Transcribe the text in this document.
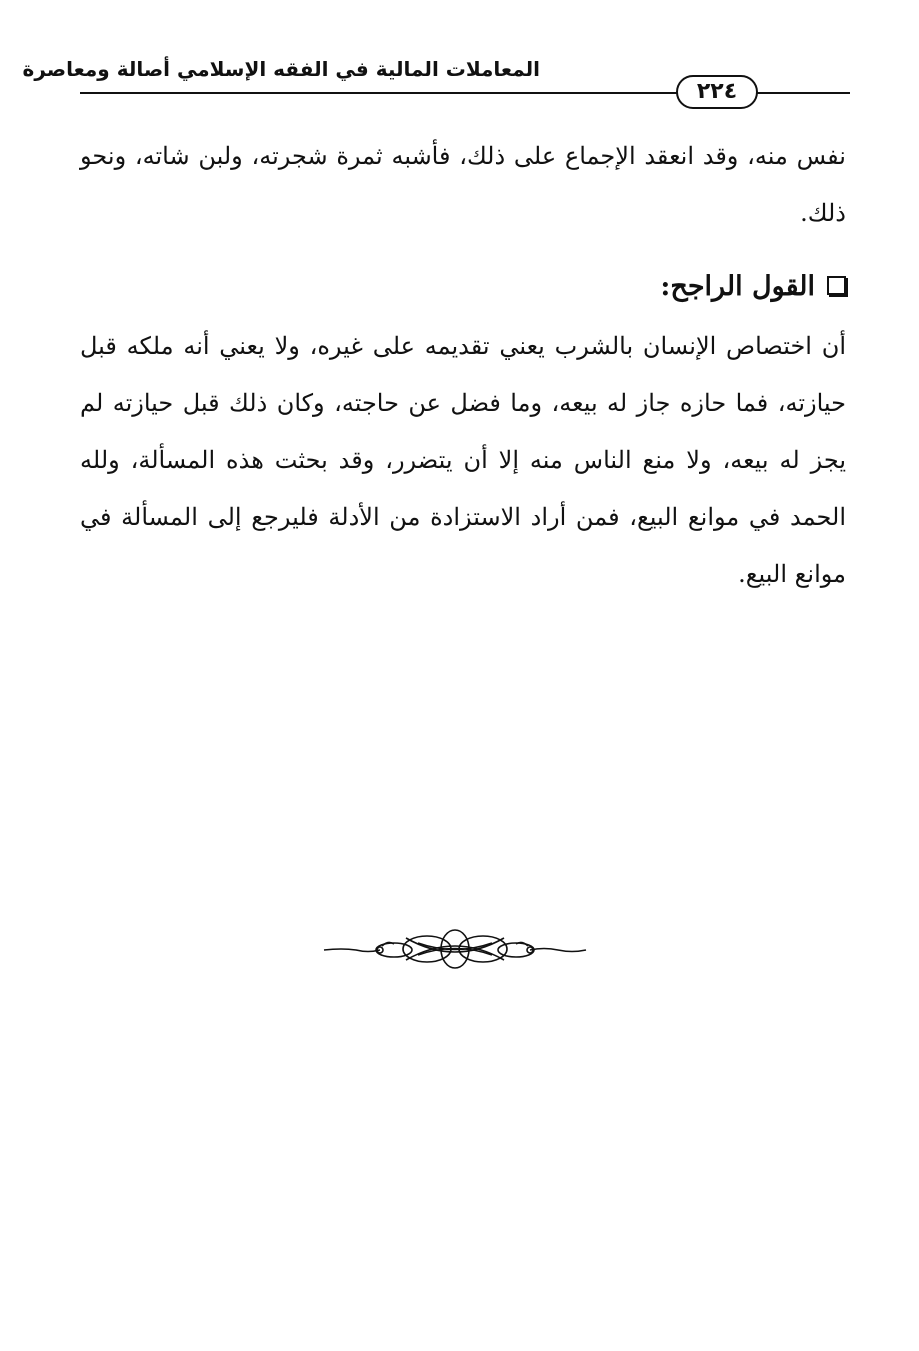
المعاملات المالية في الفقه الإسلامي أصالة ومعاصرة
٢٢٤

نفس منه، وقد انعقد الإجماع على ذلك، فأشبه ثمرة شجرته، ولبن شاته، ونحو ذلك.

القول الراجح:

أن اختصاص الإنسان بالشرب يعني تقديمه على غيره، ولا يعني أنه ملكه قبل حيازته، فما حازه جاز له بيعه، وما فضل عن حاجته، وكان ذلك قبل حيازته لم يجز له بيعه، ولا منع الناس منه إلا أن يتضرر، وقد بحثت هذه المسألة، ولله الحمد في موانع البيع، فمن أراد الاستزادة من الأدلة فليرجع إلى المسألة في موانع البيع.
